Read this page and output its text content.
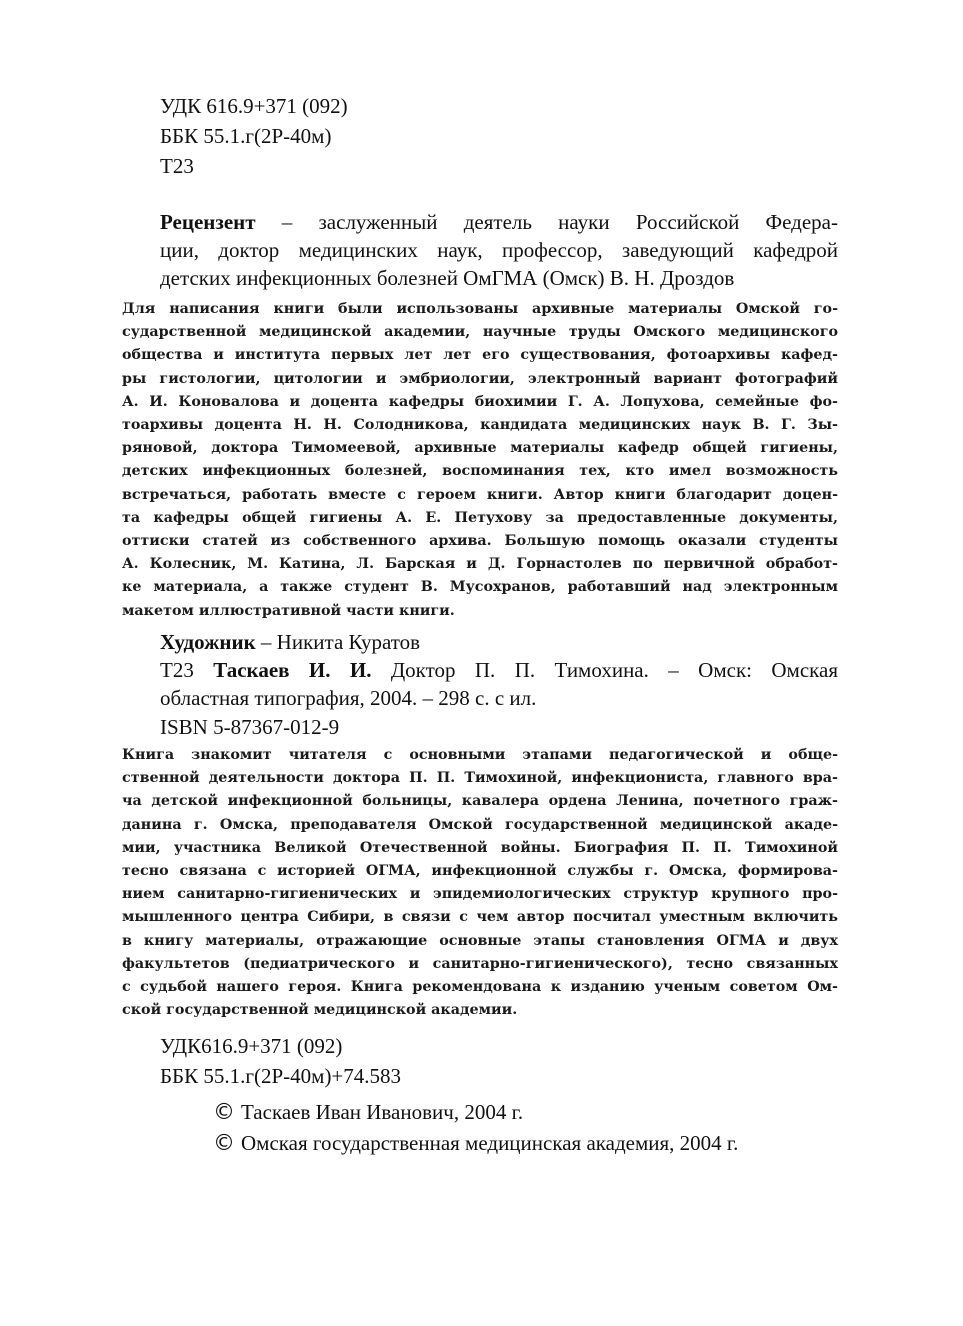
УДК 616.9+371 (092)
ББК 55.1.г(2Р-40м)
Т23
Рецензент – заслуженный деятель науки Российской Федера-
ции, доктор медицинских наук, профессор, заведующий кафедрой
детских инфекционных болезней ОмГМА (Омск) В. Н. Дроздов
Для написания книги были использованы архивные материалы Омской го-
сударственной медицинской академии, научные труды Омского медицинского
общества и института первых лет лет его существования, фотоархивы кафед-
ры гистологии, цитологии и эмбриологии, электронный вариант фотографий
А. И. Коновалова и доцента кафедры биохимии Г. А. Лопухова, семейные фо-
тоархивы доцента Н. Н. Солодникова, кандидата медицинских наук В. Г. Зы-
ряновой, доктора Тимомеевой, архивные материалы кафедр общей гигиены,
детских инфекционных болезней, воспоминания тех, кто имел возможность
встречаться, работать вместе с героем книги. Автор книги благодарит доцен-
та кафедры общей гигиены А. Е. Петухову за предоставленные документы,
оттиски статей из собственного архива. Большую помощь оказали студенты
А. Колесник, М. Катина, Л. Барская и Д. Горнастолев по первичной обработ-
ке материала, а также студент В. Мусохранов, работавший над электронным
макетом иллюстративной части книги.
Художник – Никита Куратов
Т23 Таскаев И. И. Доктор П. П. Тимохина. – Омск: Омская
областная типография, 2004. – 298 с. с ил.
ISBN 5-87367-012-9
Книга знакомит читателя с основными этапами педагогической и обще-
ственной деятельности доктора П. П. Тимохиной, инфекциониста, главного вра-
ча детской инфекционной больницы, кавалера ордена Ленина, почетного граж-
данина г. Омска, преподавателя Омской государственной медицинской акаде-
мии, участника Великой Отечественной войны. Биография П. П. Тимохиной
тесно связана с историей ОГМА, инфекционной службы г. Омска, формирова-
нием санитарно-гигиенических и эпидемиологических структур крупного про-
мышленного центра Сибири, в связи с чем автор посчитал уместным включить
в книгу материалы, отражающие основные этапы становления ОГМА и двух
факультетов (педиатрического и санитарно-гигиенического), тесно связанных
с судьбой нашего героя. Книга рекомендована к изданию ученым советом Ом-
ской государственной медицинской академии.
УДК616.9+371 (092)
ББК 55.1.г(2Р-40м)+74.583
© Таскаев Иван Иванович, 2004 г.
© Омская государственная медицинская академия, 2004 г.
